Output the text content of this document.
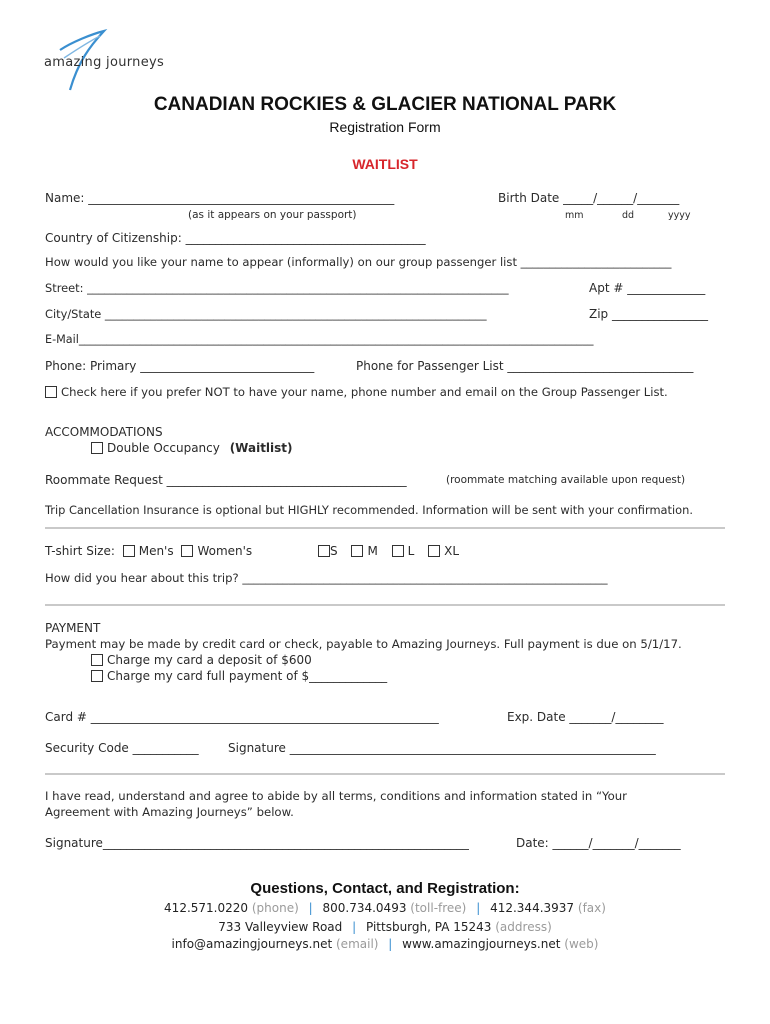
amazing journeys
CANADIAN ROCKIES & GLACIER NATIONAL PARK
Registration Form
WAITLIST
Name: ___________________________________________________
(as it appears on your passport)
Birth Date _____/______/_______
mm	dd	yyyy
Country of Citizenship: ________________________________________
How would you like your name to appear (informally) on our group passenger list __________________________
Street: __________________________________________________________________________	Apt # _____________
City/State ___________________________________________________________________	Zip ________________
E-Mail____________________________________________________________________________________________
Phone: Primary _____________________________	Phone for Passenger List _______________________________
Check here if you prefer NOT to have your name, phone number and email on the Group Passenger List.
ACCOMMODATIONS
Double Occupancy (Waitlist)
Roommate Request ________________________________________	(roommate matching available upon request)
Trip Cancellation Insurance is optional but HIGHLY recommended. Information will be sent with your confirmation.
T-shirt Size: Men's Women's	S M L XL
How did you hear about this trip? _______________________________________________________________
PAYMENT
Payment may be made by credit card or check, payable to Amazing Journeys. Full payment is due on 5/1/17.
Charge my card a deposit of $600
Charge my card full payment of $_____________
Card # __________________________________________________________	Exp. Date _______/________
Security Code ___________ Signature _____________________________________________________________
I have read, understand and agree to abide by all terms, conditions and information stated in “Your
Agreement with Amazing Journeys” below.
Signature_____________________________________________________________	Date: ______/_______/_______
Questions, Contact, and Registration:
412.571.0220 (phone) | 800.734.0493 (toll-free) | 412.344.3937 (fax)
733 Valleyview Road | Pittsburgh, PA 15243 (address)
info@amazingjourneys.net (email) | www.amazingjourneys.net (web)
